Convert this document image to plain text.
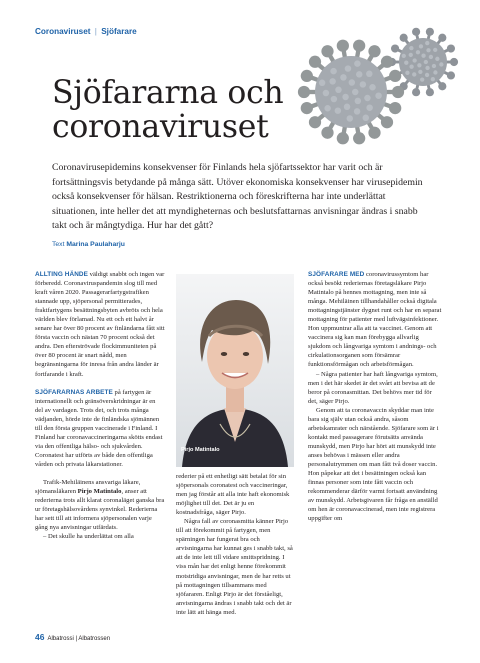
Coronaviruset | Sjöfarare
Sjöfararna och
coronaviruset

Coronavirusepidemins konsekvenser för Finlands hela sjöfartssektor har varit och är fortsättningsvis betydande på många sätt. Utöver ekonomiska konsekvenser har virusepidemin också konsekvenser för hälsan. Restriktionerna och föreskrifterna har inte underlättat situationen, inte heller det att myndigheternas och beslutsfattarnas anvisningar ändras i snabb takt och är mångtydiga. Hur har det gått?

Text Marina Paulaharju

ALLTING HÄNDE väldigt snabbt och ingen var förberedd. Coronaviruspandemin slog till med kraft våren 2020. Passagerarfartygstrafiken stannade upp, sjöpersonal permitterades, fraktfartygens besättningsbyten avbröts och hela världen blev förlamad. Nu ett och ett halvt år senare har över 80 procent av finländarna fått sitt första vaccin och nästan 70 procent också det andra. Den efterströvade flockimmuniteten på över 80 procent är snart nådd, men begränsningarna för inresa från andra länder är fortfarande i kraft.

SJÖFARARNAS ARBETE på fartygen är internationellt och gränsöverskridningar är en del av vardagen. Trots det, och trots många vädjanden, hörde inte de finländska sjömännen till den första gruppen vaccinerade i Finland. I Finland har coronavaccineringarna skötts endast via den offentliga hälso- och sjukvården. Coronatest har utförts av både den offentliga vården och privata läkarstationer.

Trafik-Mehiläinens ansvariga läkare, sjömansläkaren Pirjo Matintalo, anser att rederierna trots allt klarat coronaläget ganska bra ur företagshälsovårdens synvinkel. Rederierna har sett till att informera sjöpersonalen varje gång nya anvisningar utfärdats.

– Det skulle ha underlättat om alla

Pirjo Matintalo

rederier på ett enhetligt sätt betalat för sin sjöpersonals coronatest och vaccineringar, men jag förstår att alla inte haft ekonomisk möjlighet till det. Det är ju en kostnadsfråga, säger Pirjo.

Några fall av coronasmitta känner Pirjo till att förekommit på fartygen, men spärningen har fungerat bra och arvisningarna har kunnat ges i snabb takt, så att de inte lett till vidare smittspridning. I viss mån har det enligt henne förekommit motstridiga anvisningar, men de har retts ut på mottagningen tillsammans med sjöfararen. Enligt Pirjo är det förståeligt, anvisningarna ändras i snabb takt och det är inte lätt att hänga med.

SJÖFARARE MED coronavirussymtom har också besökt rederiernas företagsläkare Pirjo Matintalo på hennes mottagning, men inte så många. Mehiläinen tillhandahåller också digitala mottagningstjänster dygnet runt och har en separat mottagning för patienter med luftvägsinfektioner. Hon uppmuntrar alla att ta vaccinet. Genom att vaccinera sig kan man förebygga allvarlig sjukdom och långvariga symtom i andnings- och cirkulationsorganen som försämrar funktionsförmågan och arbetsförmågan.

– Några patienter har haft långvariga symtom, men i det här skedet är det svårt att bevisa att de beror på coronasmittan. Det behövs mer tid för det, säger Pirjo.

Genom att ta coronavaccin skyddar man inte bara sig själv utan också andra, såsom arbetskamrater och närstående. Sjöfarare som är i kontakt med passagerare förutsätts använda munskydd, men Pirjo har hört att munskydd inte anses behövas i mässen eller andra personalutrymmen om man fått två doser vaccin. Hon påpekar att det i besättningen också kan finnas personer som inte fått vaccin och rekommenderar därför varmt fortsatt användning av munskydd. Arbetsgivaren får fråga en anställd om hen är coronavaccinerad, men inte registrera uppgifter om

46 Albatrossi | Albatrossen
